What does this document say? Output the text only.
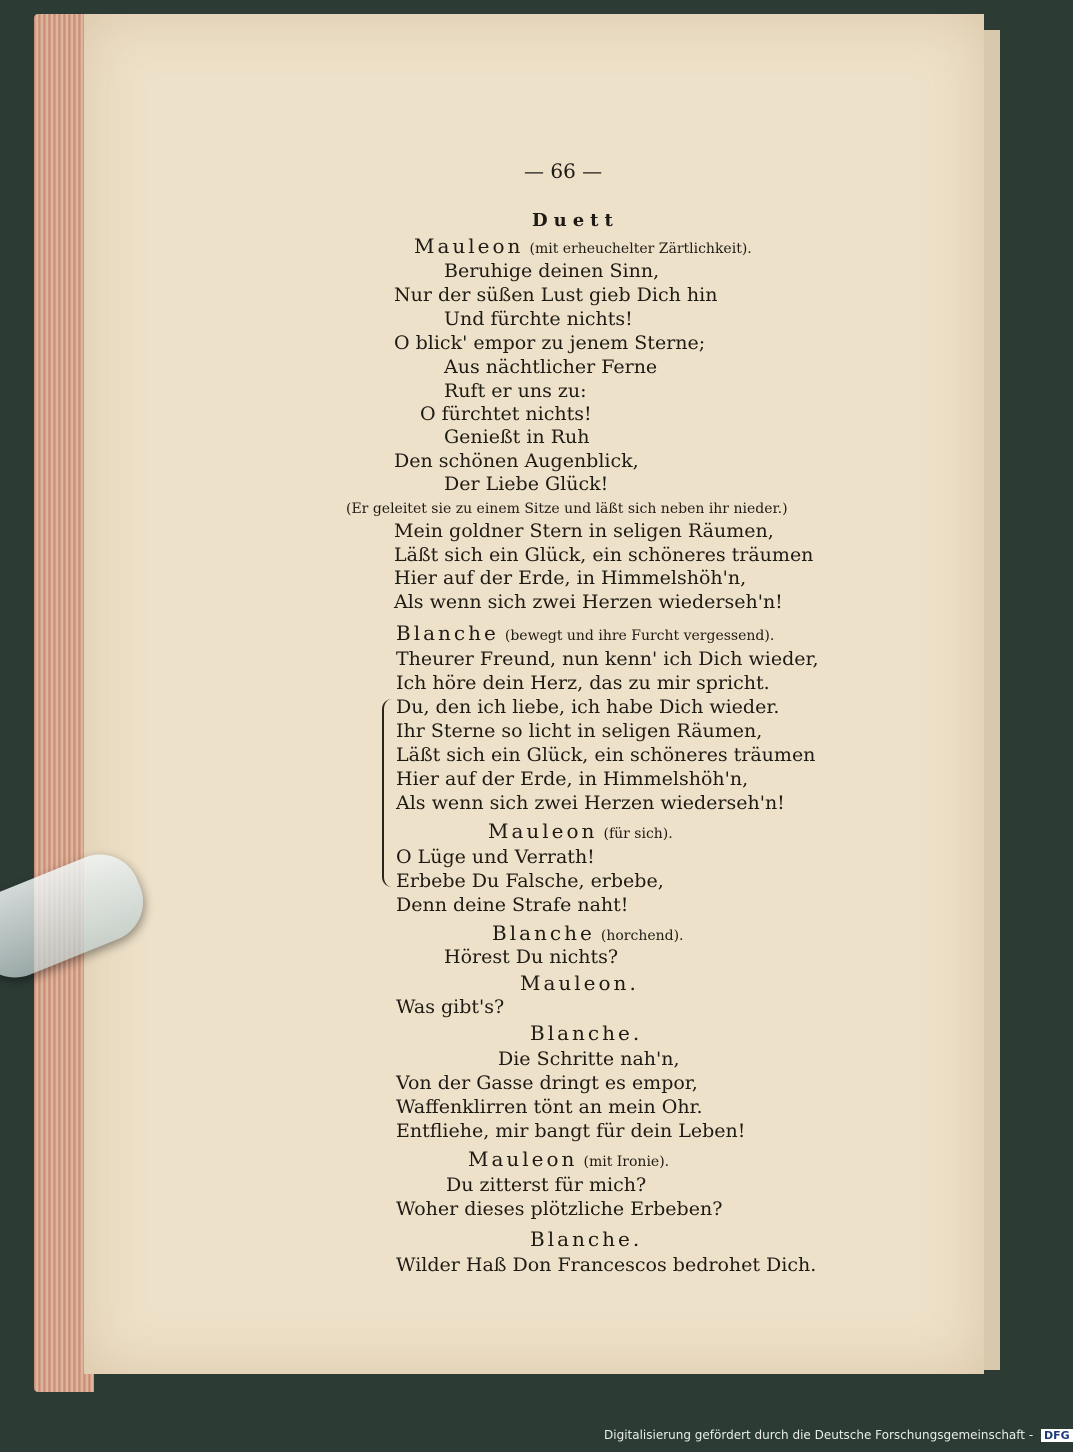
— 66 —
Duett
Mauleon (mit erheuchelter Zärtlichkeit).
Beruhige deinen Sinn,
Nur der süßen Lust gieb Dich hin
Und fürchte nichts!
O blick' empor zu jenem Sterne;
Aus nächtlicher Ferne
Ruft er uns zu:
O fürchtet nichts!
Genießt in Ruh
Den schönen Augenblick,
Der Liebe Glück!
(Er geleitet sie zu einem Sitze und läßt sich neben ihr nieder.)
Mein goldner Stern in seligen Räumen,
Läßt sich ein Glück, ein schöneres träumen
Hier auf der Erde, in Himmelshöh'n,
Als wenn sich zwei Herzen wiederseh'n!
Blanche (bewegt und ihre Furcht vergessend).
Theurer Freund, nun kenn' ich Dich wieder,
Ich höre dein Herz, das zu mir spricht.
Du, den ich liebe, ich habe Dich wieder.
Ihr Sterne so licht in seligen Räumen,
Läßt sich ein Glück, ein schöneres träumen
Hier auf der Erde, in Himmelshöh'n,
Als wenn sich zwei Herzen wiederseh'n!
Mauleon (für sich).
O Lüge und Verrath!
Erbebe Du Falsche, erbebe,
Denn deine Strafe naht!
Blanche (horchend).
Hörest Du nichts?
Mauleon.
Was gibt's?
Blanche.
Die Schritte nah'n,
Von der Gasse dringt es empor,
Waffenklirren tönt an mein Ohr.
Entfliehe, mir bangt für dein Leben!
Mauleon (mit Ironie).
Du zitterst für mich?
Woher dieses plötzliche Erbeben?
Blanche.
Wilder Haß Don Francescos bedrohet Dich.
Digitalisierung gefördert durch die Deutsche Forschungsgemeinschaft - DFG
